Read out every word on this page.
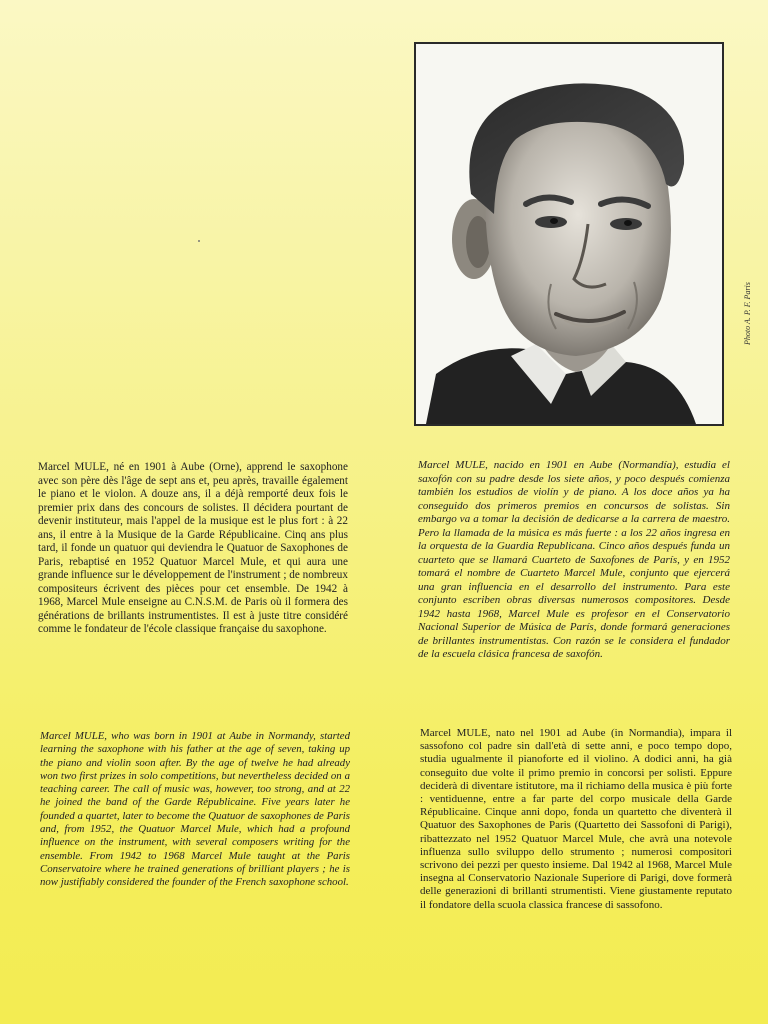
Photo A. P. F. Paris
Marcel MULE, né en 1901 à Aube (Orne), apprend le saxophone avec son père dès l'âge de sept ans et, peu après, travaille également le piano et le violon. A douze ans, il a déjà remporté deux fois le premier prix dans des concours de solistes. Il décidera pourtant de devenir instituteur, mais l'appel de la musique est le plus fort : à 22 ans, il entre à la Musique de la Garde Républicaine. Cinq ans plus tard, il fonde un quatuor qui deviendra le Quatuor de Saxophones de Paris, rebaptisé en 1952 Quatuor Marcel Mule, et qui aura une grande influence sur le développement de l'instrument ; de nombreux compositeurs écrivent des pièces pour cet ensemble. De 1942 à 1968, Marcel Mule enseigne au C.N.S.M. de Paris où il formera des générations de brillants instrumentistes. Il est à juste titre considéré comme le fondateur de l'école classique française du saxophone.
Marcel MULE, nacido en 1901 en Aube (Normandía), estudia el saxofón con su padre desde los siete años, y poco después comienza también los estudios de violín y de piano. A los doce años ya ha conseguido dos primeros premios en concursos de solistas. Sin embargo va a tomar la decisión de dedicarse a la carrera de maestro. Pero la llamada de la música es más fuerte : a los 22 años ingresa en la orquesta de la Guardia Republicana. Cinco años después funda un cuarteto que se llamará Cuarteto de Saxofones de París, y en 1952 tomará el nombre de Cuarteto Marcel Mule, conjunto que ejercerá una gran influencia en el desarrollo del instrumento. Para este conjunto escriben obras diversas numerosos compositores. Desde 1942 hasta 1968, Marcel Mule es profesor en el Conservatorio Nacional Superior de Música de París, donde formará generaciones de brillantes instrumentistas. Con razón se le considera el fundador de la escuela clásica francesa de saxofón.
Marcel MULE, who was born in 1901 at Aube in Normandy, started learning the saxophone with his father at the age of seven, taking up the piano and violin soon after. By the age of twelve he had already won two first prizes in solo competitions, but nevertheless decided on a teaching career. The call of music was, however, too strong, and at 22 he joined the band of the Garde Républicaine. Five years later he founded a quartet, later to become the Quatuor de saxophones de Paris and, from 1952, the Quatuor Marcel Mule, which had a profound influence on the instrument, with several composers writing for the ensemble. From 1942 to 1968 Marcel Mule taught at the Paris Conservatoire where he trained generations of brilliant players ; he is now justifiably considered the founder of the French saxophone school.
Marcel MULE, nato nel 1901 ad Aube (in Normandia), impara il sassofono col padre sin dall'età di sette anni, e poco tempo dopo, studia ugualmente il pianoforte ed il violino. A dodici anni, ha già conseguito due volte il primo premio in concorsi per solisti. Eppure deciderà di diventare istitutore, ma il richiamo della musica è più forte : ventiduenne, entre a far parte del corpo musicale della Garde Républicaine. Cinque anni dopo, fonda un quartetto che diventerà il Quatuor des Saxophones de Paris (Quartetto dei Sassofoni di Parigi), ribattezzato nel 1952 Quatuor Marcel Mule, che avrà una notevole influenza sullo sviluppo dello strumento ; numerosi compositori scrivono dei pezzi per questo insieme. Dal 1942 al 1968, Marcel Mule insegna al Conservatorio Nazionale Superiore di Parigi, dove formerà delle generazioni di brillanti strumentisti. Viene giustamente reputato il fondatore della scuola classica francese di sassofono.
